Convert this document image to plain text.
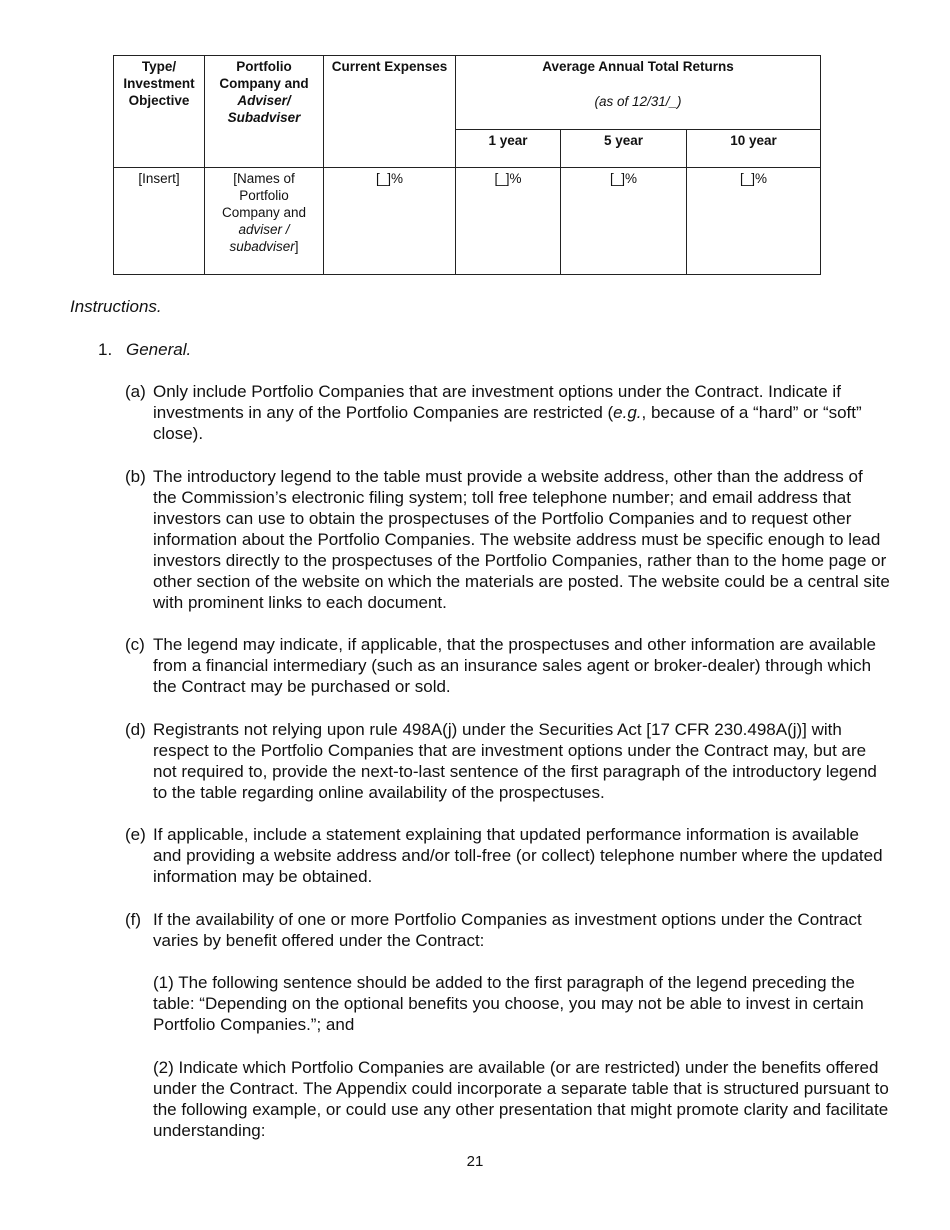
Type/ Investment Objective	Portfolio Company and Adviser/ Subadviser	Current Expenses	Average Annual Total Returns
(as of 12/31/_)		

			1 year	5 year	10 year
[Insert]	[Names of Portfolio Company and adviser / subadviser]	[_]%	[_]%	[_]%	[_]%
Instructions.
1. General.
(a) Only include Portfolio Companies that are investment options under the Contract. Indicate if investments in any of the Portfolio Companies are restricted (e.g., because of a “hard” or “soft” close).
(b) The introductory legend to the table must provide a website address, other than the address of the Commission’s electronic filing system; toll free telephone number; and email address that investors can use to obtain the prospectuses of the Portfolio Companies and to request other information about the Portfolio Companies. The website address must be specific enough to lead investors directly to the prospectuses of the Portfolio Companies, rather than to the home page or other section of the website on which the materials are posted. The website could be a central site with prominent links to each document.
(c) The legend may indicate, if applicable, that the prospectuses and other information are available from a financial intermediary (such as an insurance sales agent or broker-dealer) through which the Contract may be purchased or sold.
(d) Registrants not relying upon rule 498A(j) under the Securities Act [17 CFR 230.498A(j)] with respect to the Portfolio Companies that are investment options under the Contract may, but are not required to, provide the next-to-last sentence of the first paragraph of the introductory legend to the table regarding online availability of the prospectuses.
(e) If applicable, include a statement explaining that updated performance information is available and providing a website address and/or toll-free (or collect) telephone number where the updated information may be obtained.
(f) If the availability of one or more Portfolio Companies as investment options under the Contract varies by benefit offered under the Contract:
(1) The following sentence should be added to the first paragraph of the legend preceding the table: “Depending on the optional benefits you choose, you may not be able to invest in certain Portfolio Companies.”; and
(2) Indicate which Portfolio Companies are available (or are restricted) under the benefits offered under the Contract. The Appendix could incorporate a separate table that is structured pursuant to the following example, or could use any other presentation that might promote clarity and facilitate understanding:
21
